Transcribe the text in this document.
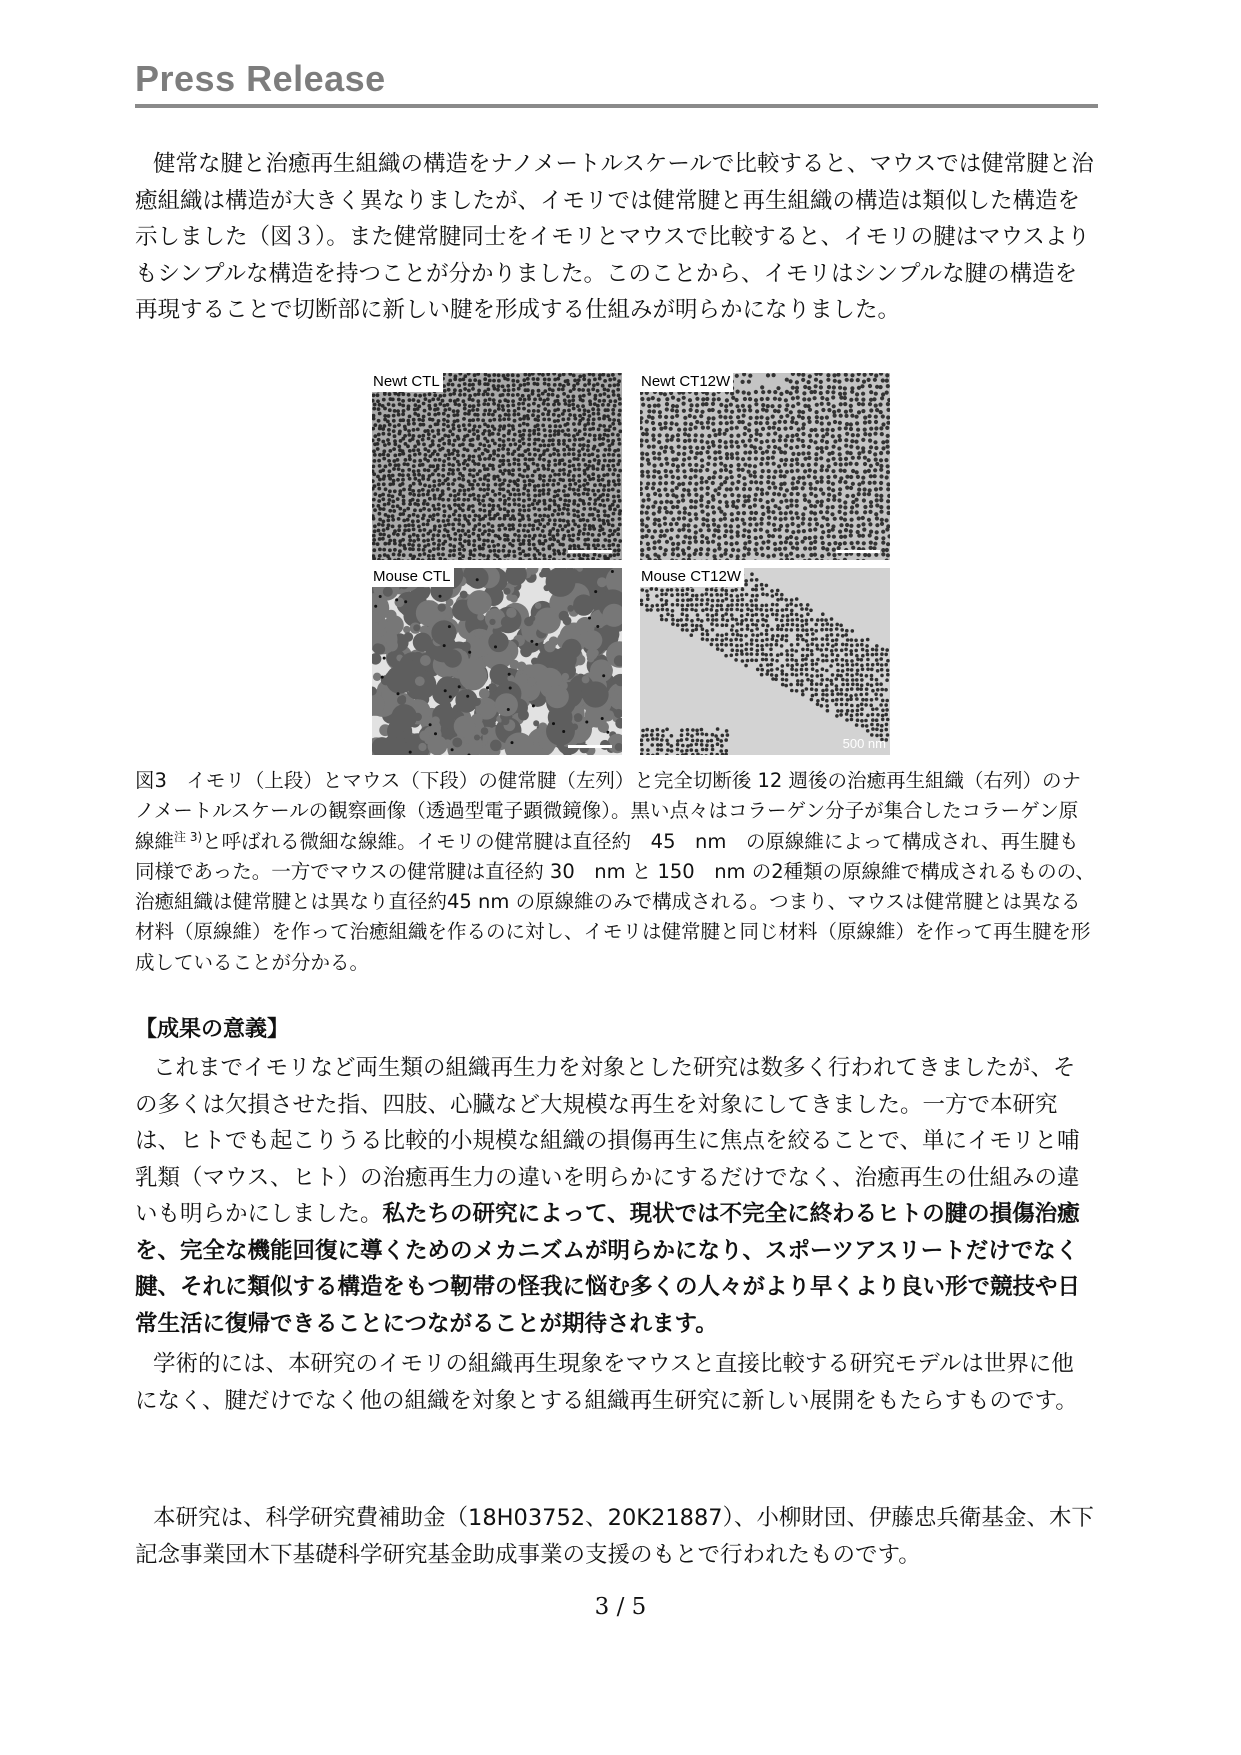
Press Release

健常な腱と治癒再生組織の構造をナノメートルスケールで比較すると、マウスでは健常腱と治癒組織は構造が大きく異なりましたが、イモリでは健常腱と再生組織の構造は類似した構造を示しました（図３）。また健常腱同士をイモリとマウスで比較すると、イモリの腱はマウスよりもシンプルな構造を持つことが分かりました。このことから、イモリはシンプルな腱の構造を再現することで切断部に新しい腱を形成する仕組みが明らかになりました。

Newt CTL	Newt CT12W
Mouse CTL	Mouse CT12W
500 nm

図3　イモリ（上段）とマウス（下段）の健常腱（左列）と完全切断後 12 週後の治癒再生組織（右列）のナノメートルスケールの観察画像（透過型電子顕微鏡像）。黒い点々はコラーゲン分子が集合したコラーゲン原線維$^{注 3)}$と呼ばれる微細な線維。イモリの健常腱は直径約　45　nm　の原線維によって構成され、再生腱も同様であった。一方でマウスの健常腱は直径約 30　nm と 150　nm の2種類の原線維で構成されるものの、治癒組織は健常腱とは異なり直径約45 nm の原線維のみで構成される。つまり、マウスは健常腱とは異なる材料（原線維）を作って治癒組織を作るのに対し、イモリは健常腱と同じ材料（原線維）を作って再生腱を形成していることが分かる。

【成果の意義】

これまでイモリなど両生類の組織再生力を対象とした研究は数多く行われてきましたが、その多くは欠損させた指、四肢、心臓など大規模な再生を対象にしてきました。一方で本研究は、ヒトでも起こりうる比較的小規模な組織の損傷再生に焦点を絞ることで、単にイモリと哺乳類（マウス、ヒト）の治癒再生力の違いを明らかにするだけでなく、治癒再生の仕組みの違いも明らかにしました。私たちの研究によって、現状では不完全に終わるヒトの腱の損傷治癒を、完全な機能回復に導くためのメカニズムが明らかになり、スポーツアスリートだけでなく腱、それに類似する構造をもつ靭帯の怪我に悩む多くの人々がより早くより良い形で競技や日常生活に復帰できることにつながることが期待されます。

学術的には、本研究のイモリの組織再生現象をマウスと直接比較する研究モデルは世界に他になく、腱だけでなく他の組織を対象とする組織再生研究に新しい展開をもたらすものです。

本研究は、科学研究費補助金（18H03752、20K21887）、小柳財団、伊藤忠兵衛基金、木下記念事業団木下基礎科学研究基金助成事業の支援のもとで行われたものです。

3 / 5
